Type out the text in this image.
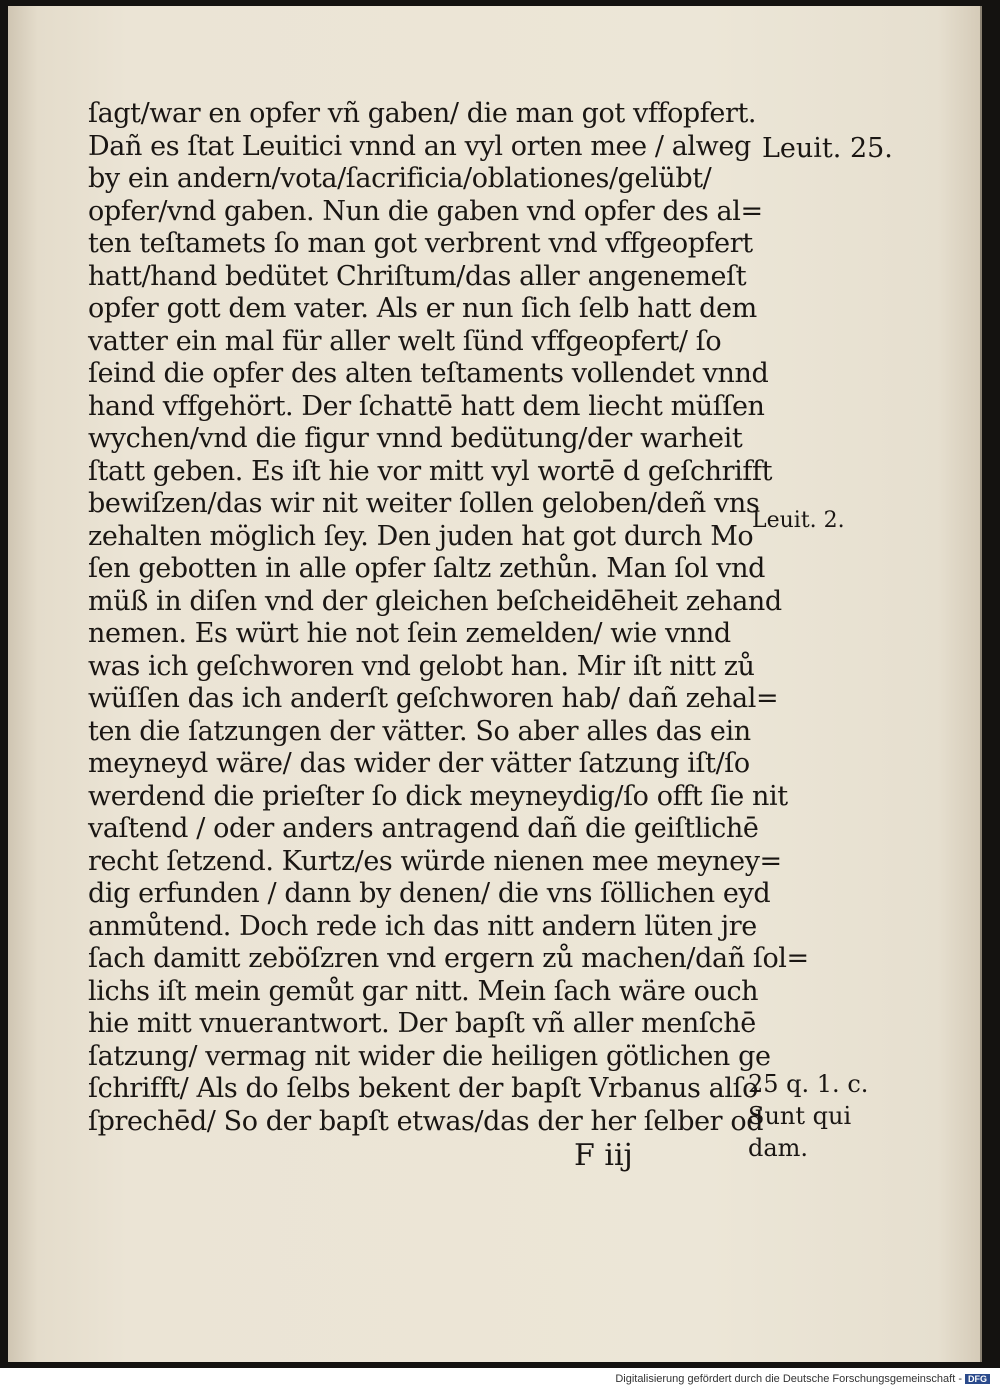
ſagt/war en opfer vñ gaben/ die man got vffopfert.
Dañ es ſtat Leuitici vnnd an vyl orten mee / alweg
by ein andern/vota/ſacrificia/oblationes/gelübt/
opfer/vnd gaben. Nun die gaben vnd opfer des al=
ten teſtamets ſo man got verbrent vnd vffgeopfert
hatt/hand bedütet Chriſtum/das aller angenemeſt
opfer gott dem vater. Als er nun ſich ſelb hatt dem
vatter ein mal für aller welt ſünd vffgeopfert/ ſo
ſeind die opfer des alten teſtaments vollendet vnnd
hand vffgehört. Der ſchattē hatt dem liecht müſſen
wychen/vnd die figur vnnd bedütung/der warheit
ſtatt geben. Es iſt hie vor mitt vyl wortē d geſchrifft
bewiſzen/das wir nit weiter ſollen geloben/deñ vns
zehalten möglich ſey. Den juden hat got durch Mo
ſen gebotten in alle opfer ſaltz zethůn. Man ſol vnd
müß in diſen vnd der gleichen beſcheidēheit zehand
nemen. Es würt hie not ſein zemelden/ wie vnnd
was ich geſchworen vnd gelobt han. Mir iſt nitt zů
wüſſen das ich anderſt geſchworen hab/ dañ zehal=
ten die ſatzungen der vätter. So aber alles das ein
meyneyd wäre/ das wider der vätter ſatzung iſt/ſo
werdend die prieſter ſo dick meyneydig/ſo offt ſie nit
vaſtend / oder anders antragend dañ die geiſtlichē
recht ſetzend. Kurtz/es würde nienen mee meyney=
dig erfunden / dann by denen/ die vns ſöllichen eyd
anmůtend. Doch rede ich das nitt andern lüten jre
ſach damitt zeböſzren vnd ergern zů machen/dañ ſol=
lichs iſt mein gemůt gar nitt. Mein ſach wäre ouch
hie mitt vnuerantwort. Der bapſt vñ aller menſchē
ſatzung/ vermag nit wider die heiligen götlichen ge
ſchrifft/ Als do ſelbs bekent der bapſt Vrbanus alſo
ſprechēd/ So der bapſt etwas/das der her ſelber od
Leuit. 25.
Leuit. 2.
25 q. 1. c.
Sunt qui
dam.
F iij
Digitalisierung gefördert durch die Deutsche Forschungsgemeinschaft - DFG
